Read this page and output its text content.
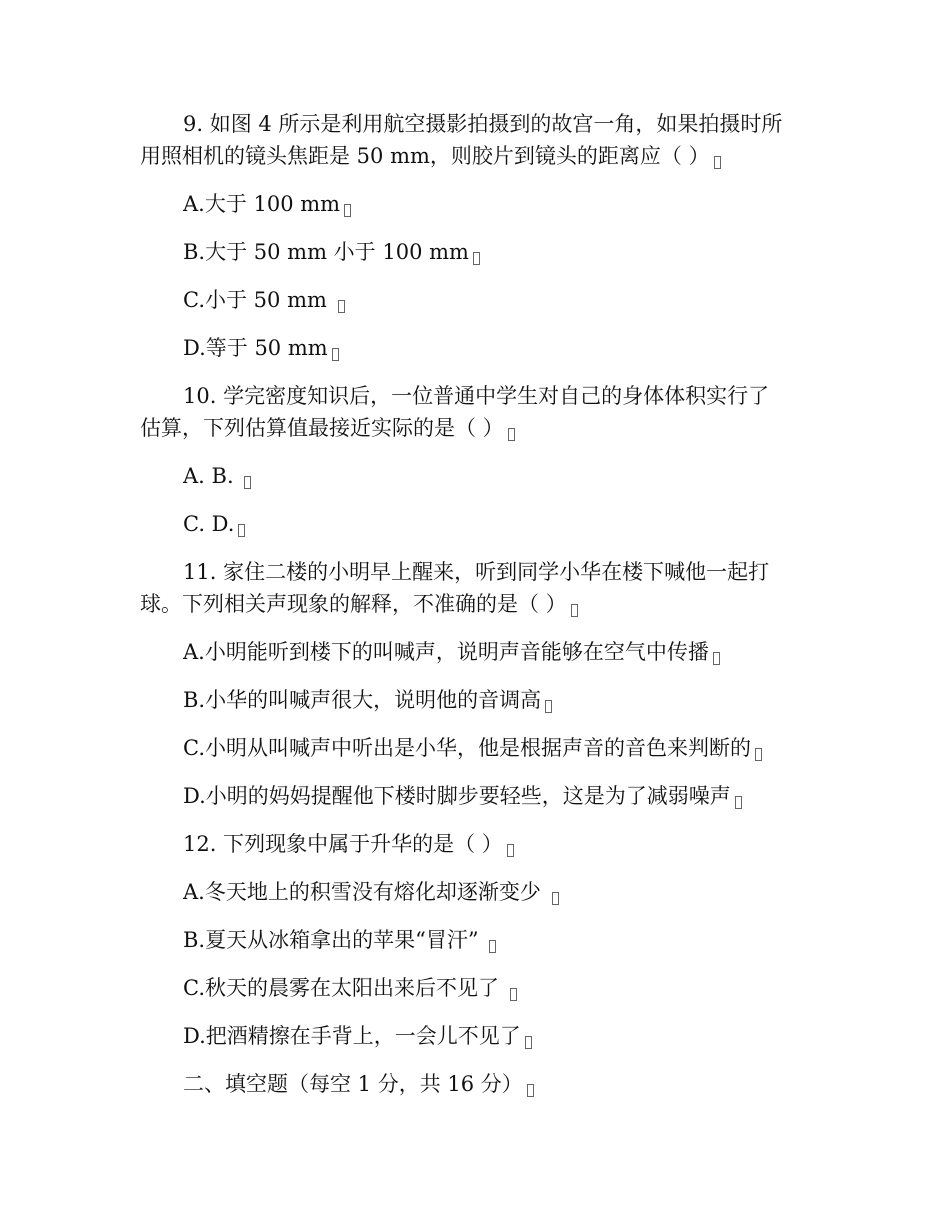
9. 如图 4 所示是利用航空摄影拍摄到的故宫一角，如果拍摄时所
用照相机的镜头焦距是 50 mm，则胶片到镜头的距离应（ ）
A.大于 100 mm
B.大于 50 mm 小于 100 mm
C.小于 50 mm
D.等于 50 mm
10. 学完密度知识后，一位普通中学生对自己的身体体积实行了
估算，下列估算值最接近实际的是（ ）
A. B.
C. D.
11. 家住二楼的小明早上醒来，听到同学小华在楼下喊他一起打
球。下列相关声现象的解释，不准确的是（ ）
A.小明能听到楼下的叫喊声，说明声音能够在空气中传播
B.小华的叫喊声很大，说明他的音调高
C.小明从叫喊声中听出是小华，他是根据声音的音色来判断的
D.小明的妈妈提醒他下楼时脚步要轻些，这是为了减弱噪声
12. 下列现象中属于升华的是（ ）
A.冬天地上的积雪没有熔化却逐渐变少
B.夏天从冰箱拿出的苹果“冒汗”
C.秋天的晨雾在太阳出来后不见了
D.把酒精擦在手背上，一会儿不见了
二、填空题（每空 1 分，共 16 分）
